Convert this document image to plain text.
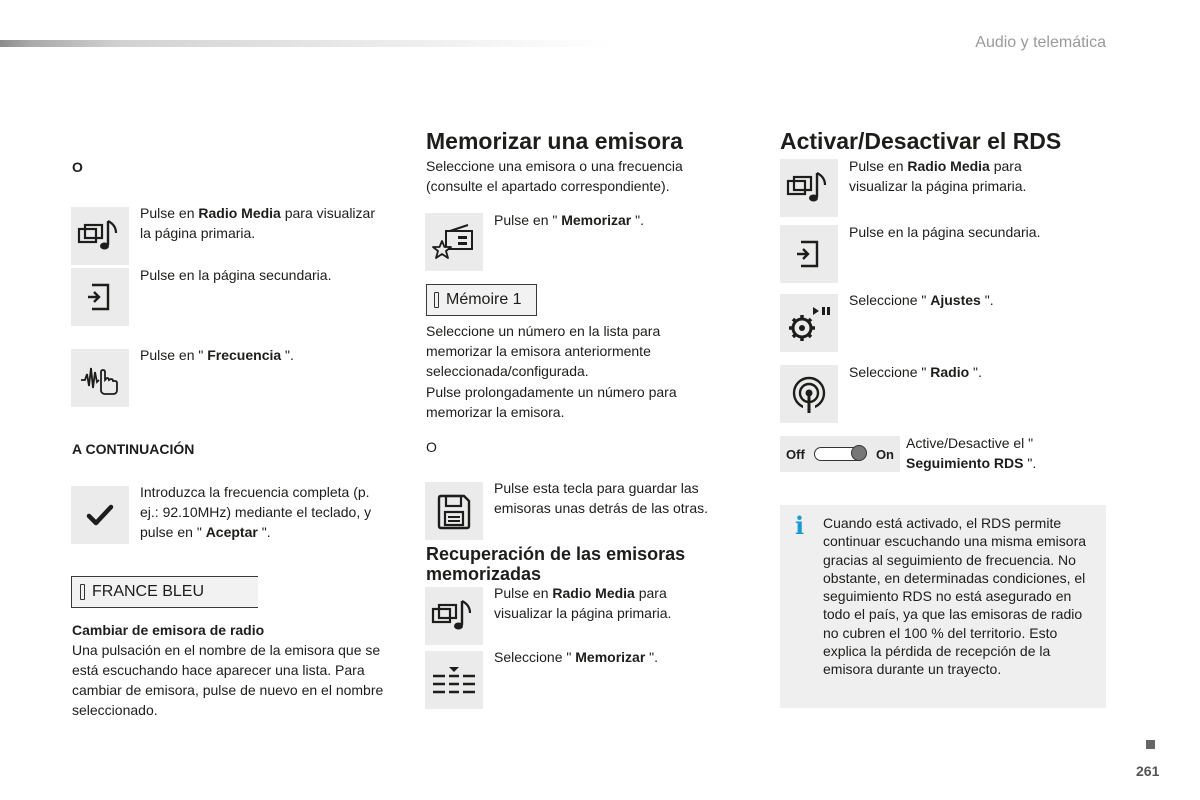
Audio y telemática
O
Pulse en Radio Media para visualizar la página primaria.
Pulse en la página secundaria.
Pulse en " Frecuencia ".
A CONTINUACIÓN
Introduzca la frecuencia completa (p. ej.: 92.10MHz) mediante el teclado, y pulse en " Aceptar ".
FRANCE BLEU
Cambiar de emisora de radio
Una pulsación en el nombre de la emisora que se está escuchando hace aparecer una lista. Para cambiar de emisora, pulse de nuevo en el nombre seleccionado.
Memorizar una emisora
Seleccione una emisora o una frecuencia (consulte el apartado correspondiente).
Pulse en " Memorizar ".
Mémoire 1
Seleccione un número en la lista para memorizar la emisora anteriormente seleccionada/configurada.
Pulse prolongadamente un número para memorizar la emisora.
O
Pulse esta tecla para guardar las emisoras unas detrás de las otras.
Recuperación de las emisoras memorizadas
Pulse en Radio Media para visualizar la página primaria.
Seleccione " Memorizar ".
Activar/Desactivar el RDS
Pulse en Radio Media para visualizar la página primaria.
Pulse en la página secundaria.
Seleccione " Ajustes ".
Seleccione " Radio ".
Off	On
Active/Desactive el " Seguimiento RDS ".
i Cuando está activado, el RDS permite continuar escuchando una misma emisora gracias al seguimiento de frecuencia. No obstante, en determinadas condiciones, el seguimiento RDS no está asegurado en todo el país, ya que las emisoras de radio no cubren el 100 % del territorio. Esto explica la pérdida de recepción de la emisora durante un trayecto.
261
